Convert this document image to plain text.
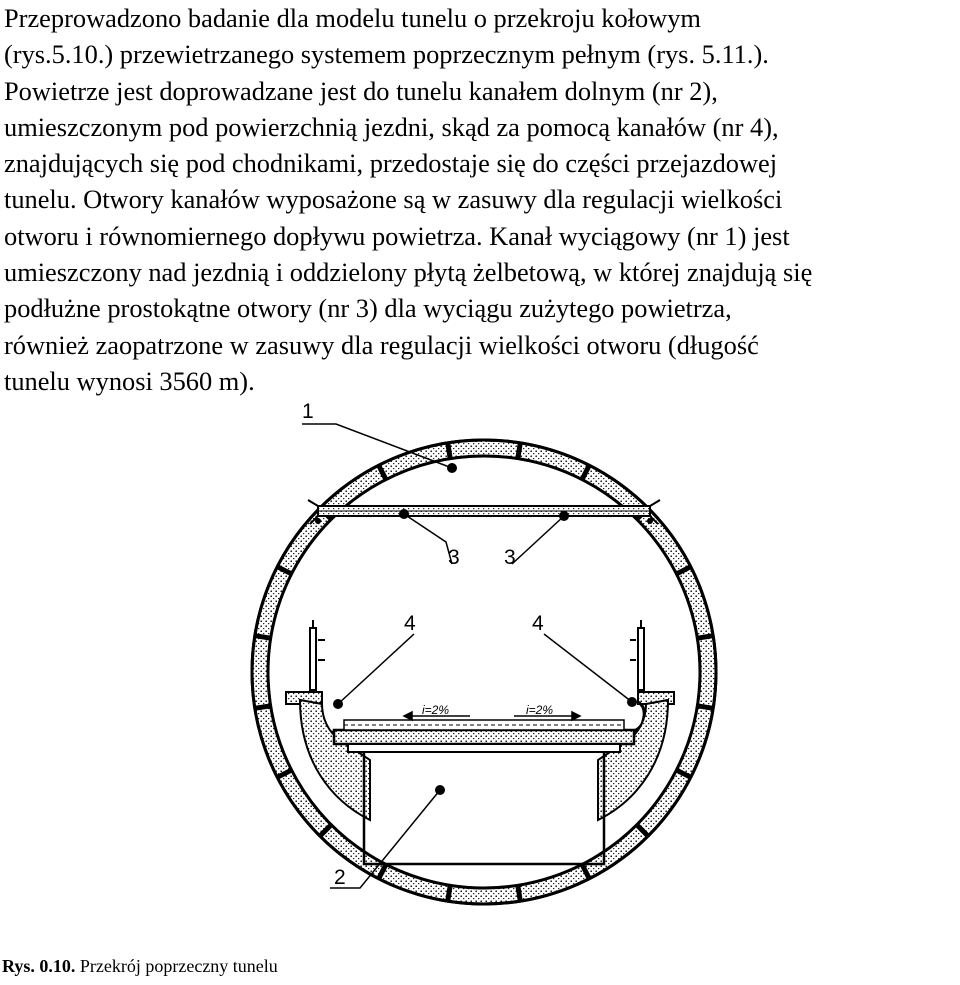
Przeprowadzono badanie dla modelu tunelu o przekroju kołowym
(rys.5.10.) przewietrzanego systemem poprzecznym pełnym (rys. 5.11.).
Powietrze jest doprowadzane jest do tunelu kanałem dolnym (nr 2),
umieszczonym pod powierzchnią jezdni, skąd za pomocą kanałów (nr 4),
znajdujących się pod chodnikami, przedostaje się do części przejazdowej
tunelu. Otwory kanałów wyposażone są w zasuwy dla regulacji wielkości
otworu i równomiernego dopływu powietrza. Kanał wyciągowy (nr 1) jest
umieszczony nad jezdnią i oddzielony płytą żelbetową, w której znajdują się
podłużne prostokątne otwory (nr 3) dla wyciągu zużytego powietrza,
również zaopatrzone w zasuwy dla regulacji wielkości otworu (długość
tunelu wynosi 3560 m).
i=2%	i=2%
1
3 3
4	4
2
Rys. 0.10. Przekrój poprzeczny tunelu
